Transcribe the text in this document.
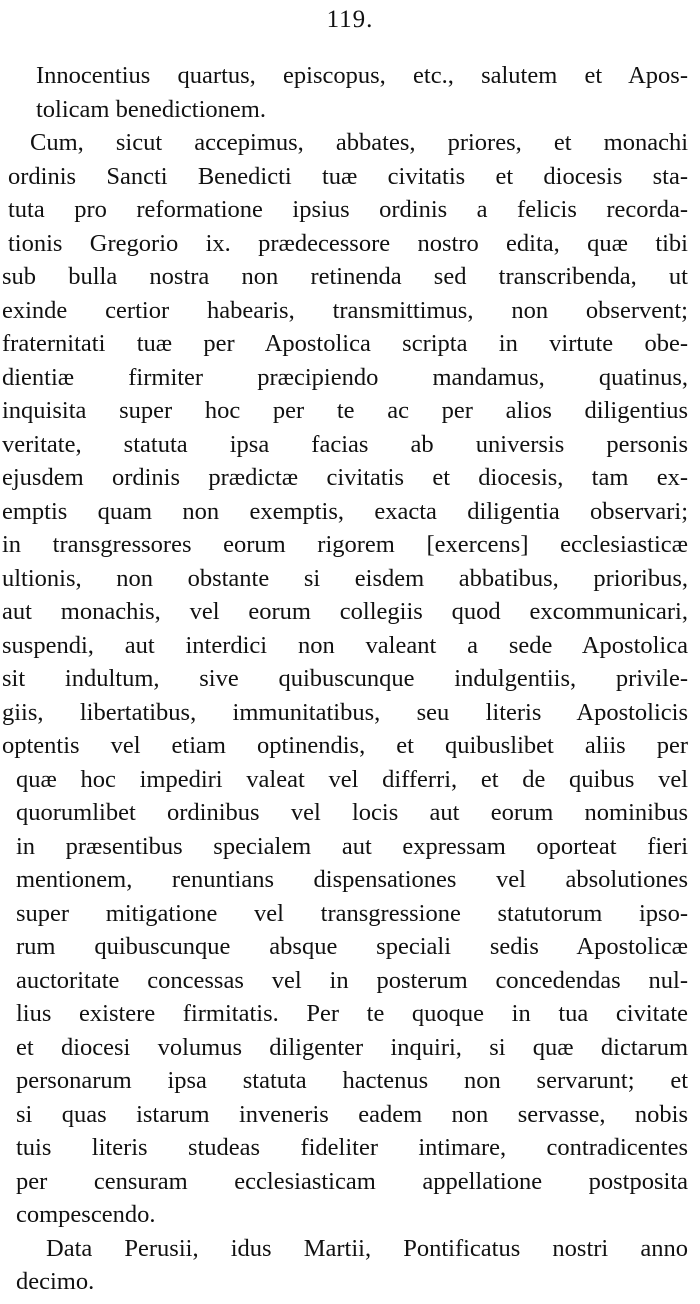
119.
Innocentius quartus, episcopus, etc., salutem et Apos-
tolicam benedictionem.
Cum, sicut accepimus, abbates, priores, et monachi
ordinis Sancti Benedicti tuæ civitatis et diocesis sta-
tuta pro reformatione ipsius ordinis a felicis recorda-
tionis Gregorio ix. prædecessore nostro edita, quæ tibi
sub bulla nostra non retinenda sed transcribenda, ut
exinde certior habearis, transmittimus, non observent;
fraternitati tuæ per Apostolica scripta in virtute obe-
dientiæ firmiter præcipiendo mandamus, quatinus,
inquisita super hoc per te ac per alios diligentius
veritate, statuta ipsa facias ab universis personis
ejusdem ordinis prædictæ civitatis et diocesis, tam ex-
emptis quam non exemptis, exacta diligentia observari;
in transgressores eorum rigorem [exercens] ecclesiasticæ
ultionis, non obstante si eisdem abbatibus, prioribus,
aut monachis, vel eorum collegiis quod excommunicari,
suspendi, aut interdici non valeant a sede Apostolica
sit indultum, sive quibuscunque indulgentiis, privile-
giis, libertatibus, immunitatibus, seu literis Apostolicis
optentis vel etiam optinendis, et quibuslibet aliis per
quæ hoc impediri valeat vel differri, et de quibus vel
quorumlibet ordinibus vel locis aut eorum nominibus
in præsentibus specialem aut expressam oporteat fieri
mentionem, renuntians dispensationes vel absolutiones
super mitigatione vel transgressione statutorum ipso-
rum quibuscunque absque speciali sedis Apostolicæ
auctoritate concessas vel in posterum concedendas nul-
lius existere firmitatis. Per te quoque in tua civitate
et diocesi volumus diligenter inquiri, si quæ dictarum
personarum ipsa statuta hactenus non servarunt; et
si quas istarum inveneris eadem non servasse, nobis
tuis literis studeas fideliter intimare, contradicentes
per censuram ecclesiasticam appellatione postposita
compescendo.
Data Perusii, idus Martii, Pontificatus nostri anno
decimo.
